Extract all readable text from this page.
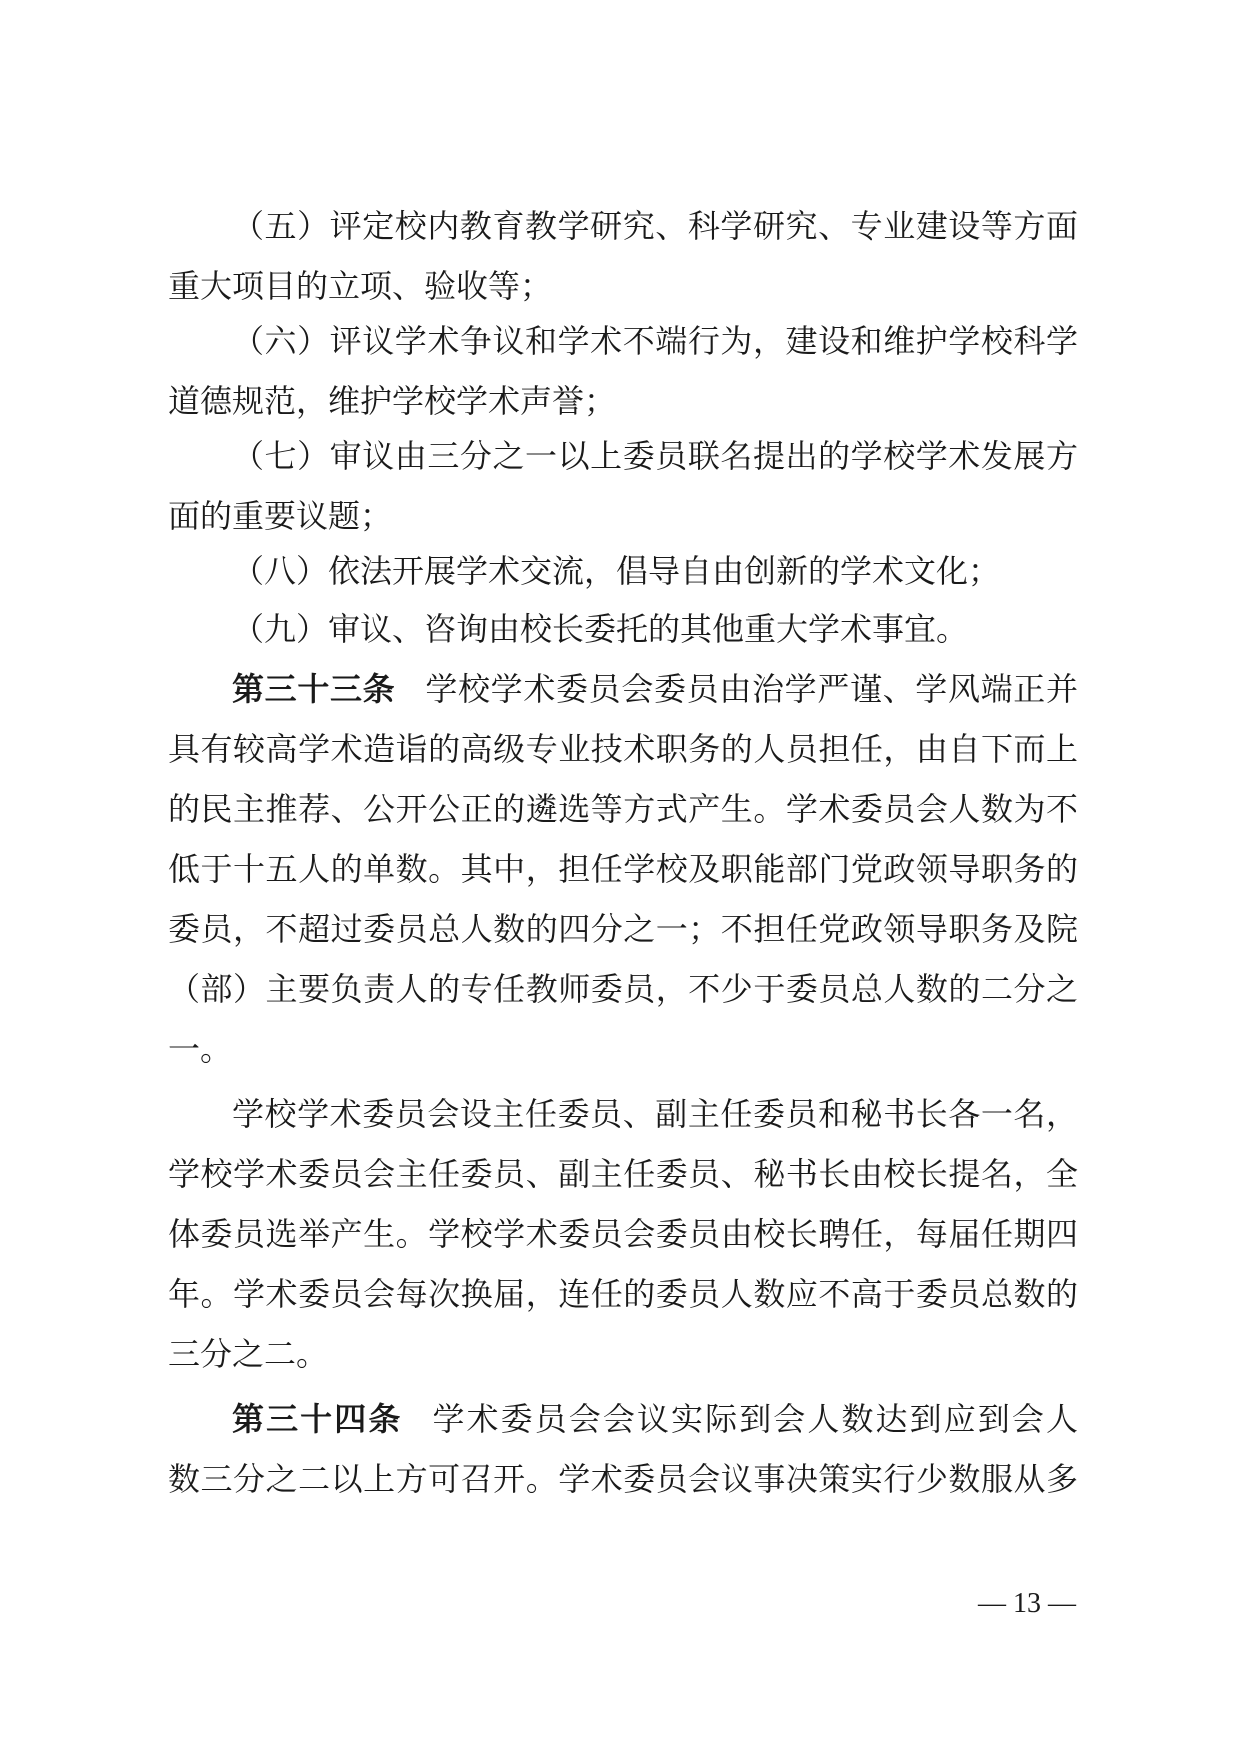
（五）评定校内教育教学研究、科学研究、专业建设等方面
重大项目的立项、验收等；
（六）评议学术争议和学术不端行为，建设和维护学校科学
道德规范，维护学校学术声誉；
（七）审议由三分之一以上委员联名提出的学校学术发展方
面的重要议题；
（八）依法开展学术交流，倡导自由创新的学术文化；
（九）审议、咨询由校长委托的其他重大学术事宜。
第三十三条 学校学术委员会委员由治学严谨、学风端正并
具有较高学术造诣的高级专业技术职务的人员担任，由自下而上
的民主推荐、公开公正的遴选等方式产生。学术委员会人数为不
低于十五人的单数。其中，担任学校及职能部门党政领导职务的
委员，不超过委员总人数的四分之一；不担任党政领导职务及院
（部）主要负责人的专任教师委员，不少于委员总人数的二分之
一。
学校学术委员会设主任委员、副主任委员和秘书长各一名，
学校学术委员会主任委员、副主任委员、秘书长由校长提名，全
体委员选举产生。学校学术委员会委员由校长聘任，每届任期四
年。学术委员会每次换届，连任的委员人数应不高于委员总数的
三分之二。
第三十四条 学术委员会会议实际到会人数达到应到会人
数三分之二以上方可召开。学术委员会议事决策实行少数服从多
— 13 —
